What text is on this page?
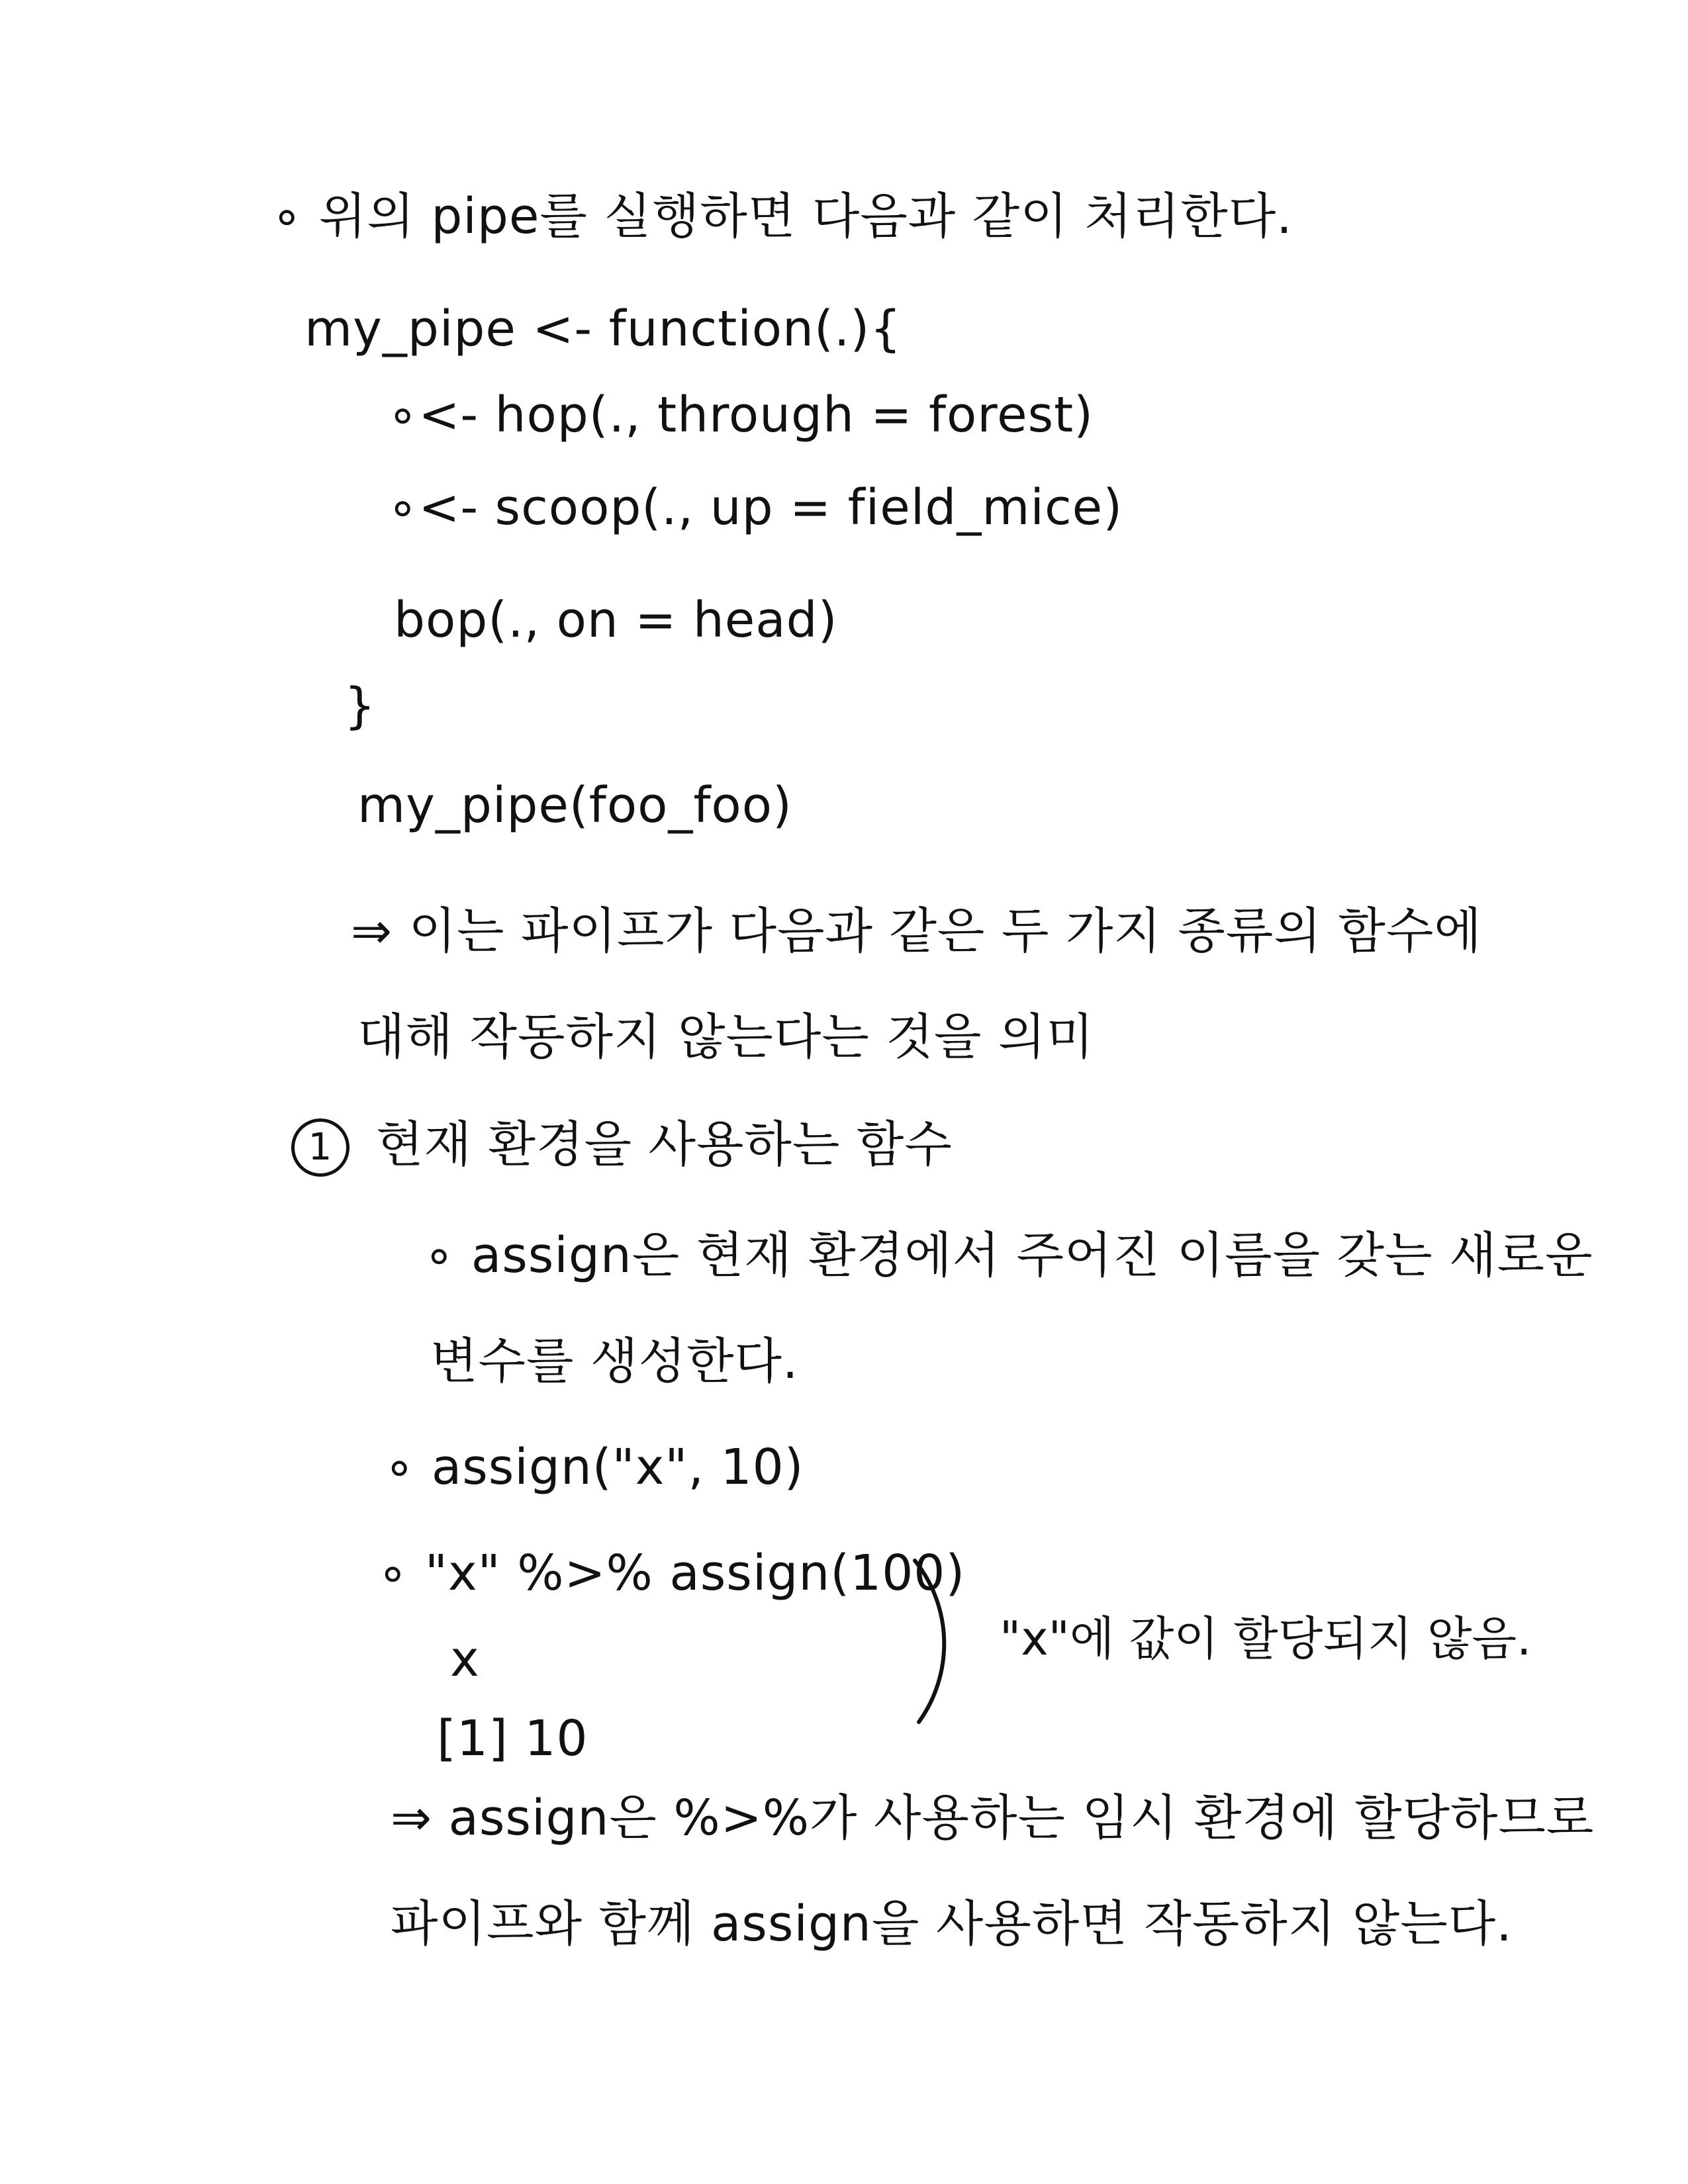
∘ 위의 pipe를 실행하면 다음과 같이 처리한다.
my_pipe <- function(.){
∘<- hop(., through = forest)
∘<- scoop(., up = field_mice)
bop(., on = head)
}
my_pipe(foo_foo)
⇒ 이는 파이프가 다음과 같은 두 가지 종류의 함수에
대해 작동하지 않는다는 것을 의미
1 현재 환경을 사용하는 함수
∘ assign은 현재 환경에서 주어진 이름을 갖는 새로운
변수를 생성한다.
∘ assign("x", 10)
∘ "x" %>% assign(100)
x
[1] 10
"x"에 값이 할당되지 않음.
⇒ assign은 %>%가 사용하는 임시 환경에 할당하므로
파이프와 함께 assign을 사용하면 작동하지 않는다.
